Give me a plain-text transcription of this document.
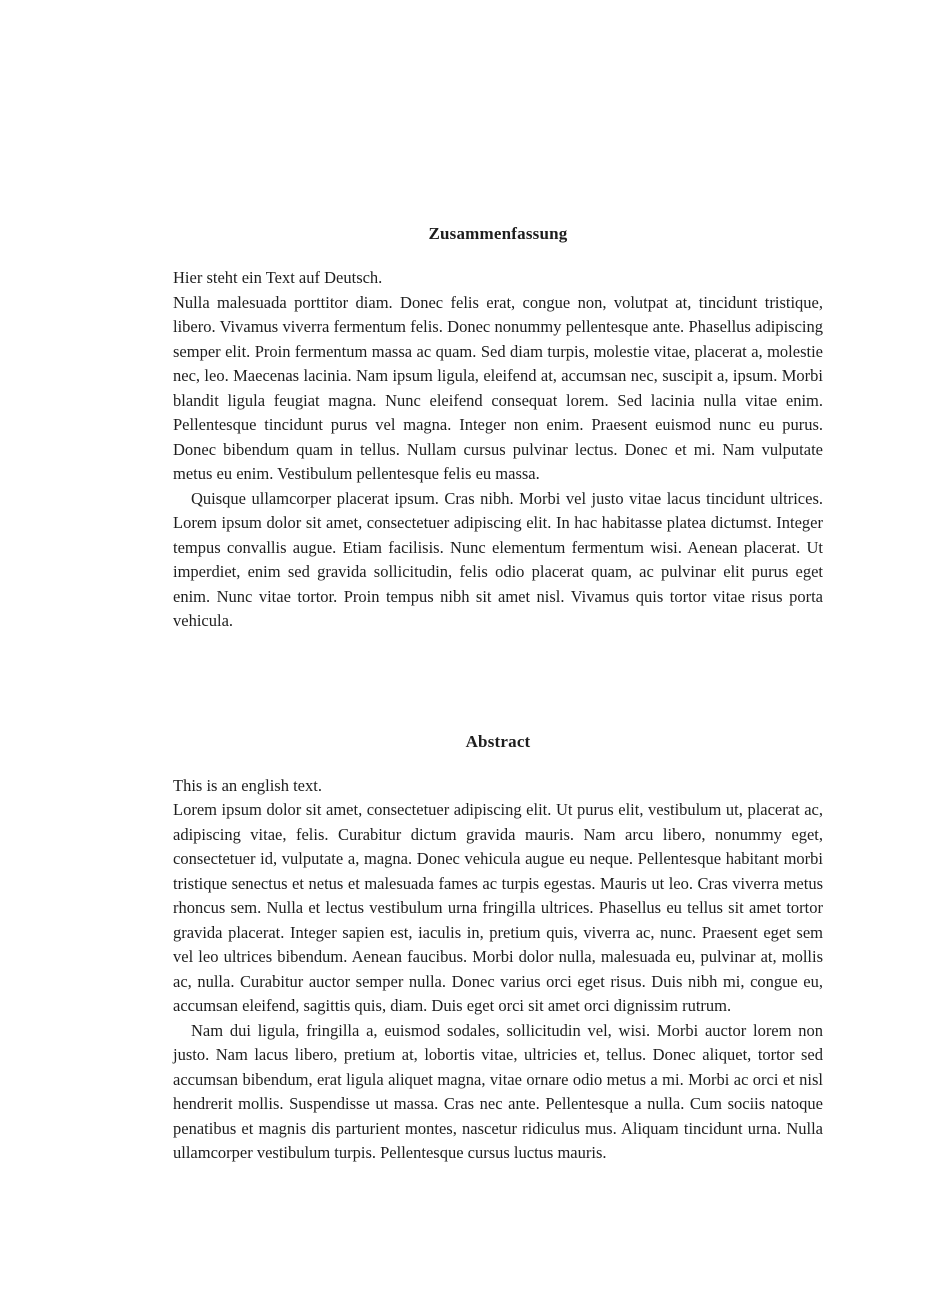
Zusammenfassung

Hier steht ein Text auf Deutsch.

Nulla malesuada porttitor diam. Donec felis erat, congue non, volutpat at, tincidunt tristique, libero. Vivamus viverra fermentum felis. Donec nonummy pellentesque ante. Phasellus adipiscing semper elit. Proin fermentum massa ac quam. Sed diam turpis, molestie vitae, placerat a, molestie nec, leo. Maecenas lacinia. Nam ipsum ligula, eleifend at, accumsan nec, suscipit a, ipsum. Morbi blandit ligula feugiat magna. Nunc eleifend consequat lorem. Sed lacinia nulla vitae enim. Pellentesque tincidunt purus vel magna. Integer non enim. Praesent euismod nunc eu purus. Donec bibendum quam in tellus. Nullam cursus pulvinar lectus. Donec et mi. Nam vulputate metus eu enim. Vestibulum pellentesque felis eu massa.

Quisque ullamcorper placerat ipsum. Cras nibh. Morbi vel justo vitae lacus tincidunt ultrices. Lorem ipsum dolor sit amet, consectetuer adipiscing elit. In hac habitasse platea dictumst. Integer tempus convallis augue. Etiam facilisis. Nunc elementum fermentum wisi. Aenean placerat. Ut imperdiet, enim sed gravida sollicitudin, felis odio placerat quam, ac pulvinar elit purus eget enim. Nunc vitae tortor. Proin tempus nibh sit amet nisl. Vivamus quis tortor vitae risus porta vehicula.

Abstract

This is an english text.

Lorem ipsum dolor sit amet, consectetuer adipiscing elit. Ut purus elit, vestibulum ut, placerat ac, adipiscing vitae, felis. Curabitur dictum gravida mauris. Nam arcu libero, nonummy eget, consectetuer id, vulputate a, magna. Donec vehicula augue eu neque. Pellentesque habitant morbi tristique senectus et netus et malesuada fames ac turpis egestas. Mauris ut leo. Cras viverra metus rhoncus sem. Nulla et lectus vestibulum urna fringilla ultrices. Phasellus eu tellus sit amet tortor gravida placerat. Integer sapien est, iaculis in, pretium quis, viverra ac, nunc. Praesent eget sem vel leo ultrices bibendum. Aenean faucibus. Morbi dolor nulla, malesuada eu, pulvinar at, mollis ac, nulla. Curabitur auctor semper nulla. Donec varius orci eget risus. Duis nibh mi, congue eu, accumsan eleifend, sagittis quis, diam. Duis eget orci sit amet orci dignissim rutrum.

Nam dui ligula, fringilla a, euismod sodales, sollicitudin vel, wisi. Morbi auctor lorem non justo. Nam lacus libero, pretium at, lobortis vitae, ultricies et, tellus. Donec aliquet, tortor sed accumsan bibendum, erat ligula aliquet magna, vitae ornare odio metus a mi. Morbi ac orci et nisl hendrerit mollis. Suspendisse ut massa. Cras nec ante. Pellentesque a nulla. Cum sociis natoque penatibus et magnis dis parturient montes, nascetur ridiculus mus. Aliquam tincidunt urna. Nulla ullamcorper vestibulum turpis. Pellentesque cursus luctus mauris.
